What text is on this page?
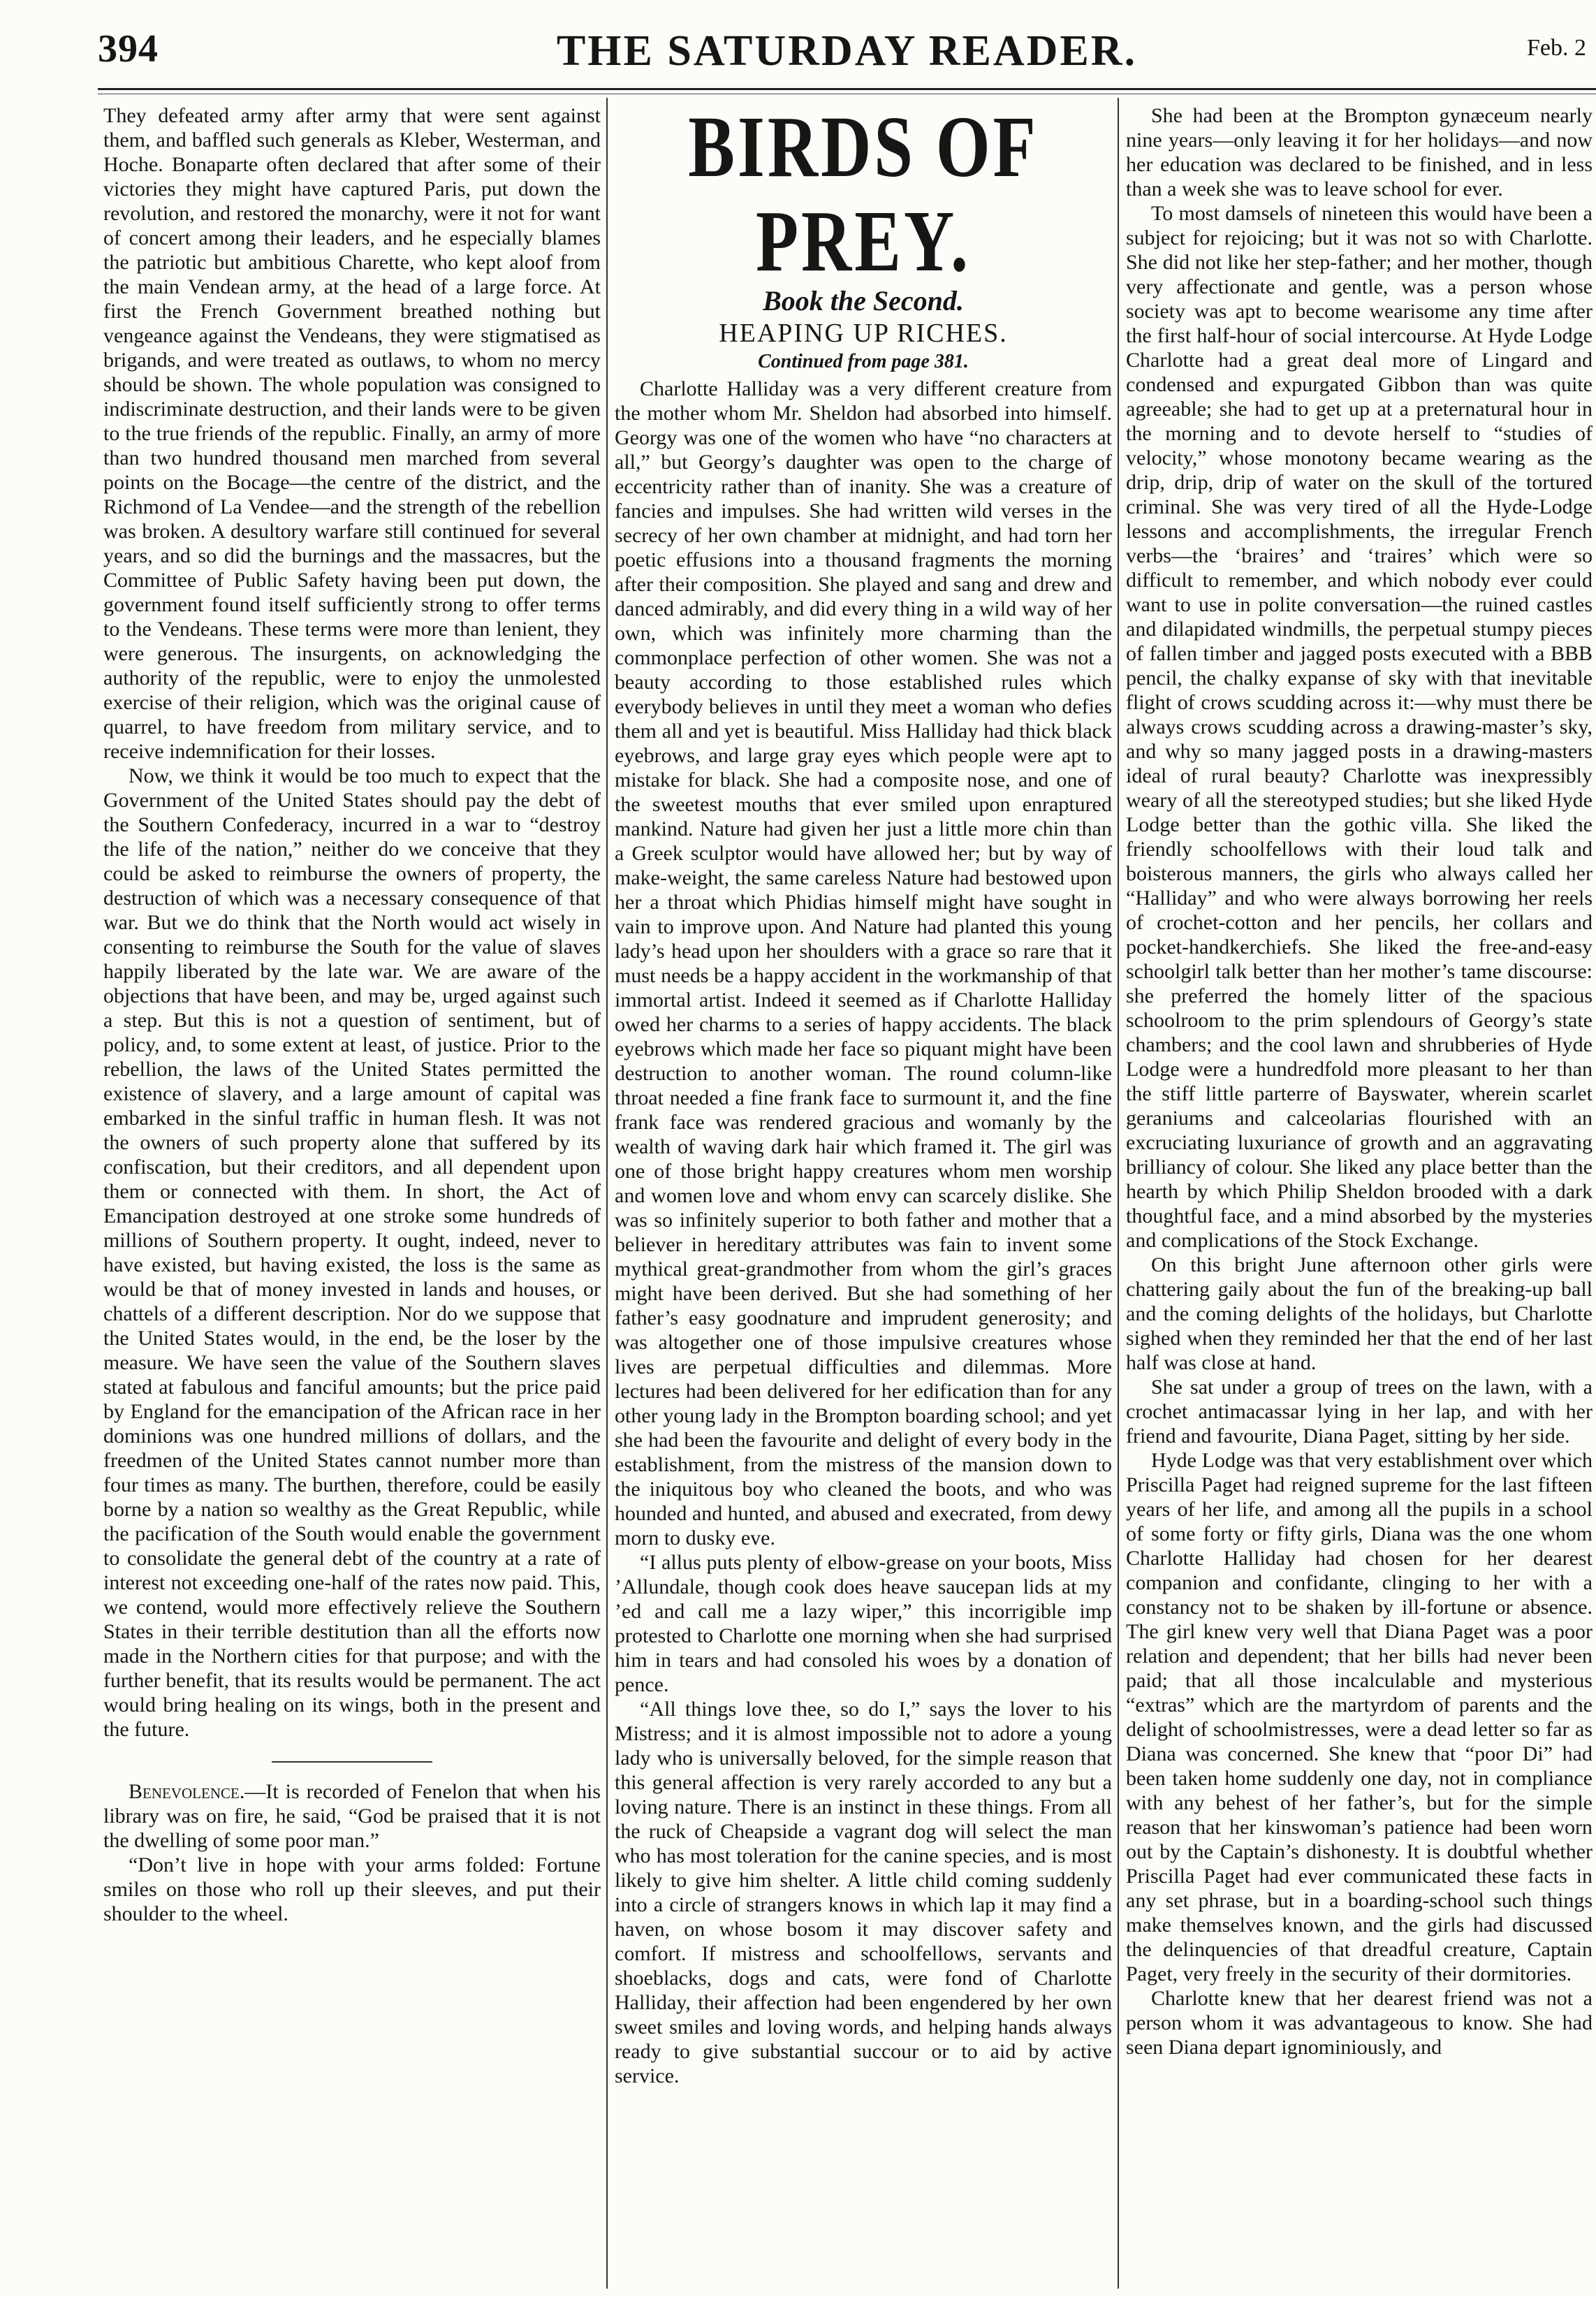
394	THE SATURDAY READER.	Feb. 2

They defeated army after army that were sent against them, and baffled such generals as Kleber, Westerman, and Hoche. Bonaparte often declared that after some of their victories they might have captured Paris, put down the revolution, and restored the monarchy, were it not for want of concert among their leaders, and he especially blames the patriotic but ambitious Charette, who kept aloof from the main Vendean army, at the head of a large force. At first the French Government breathed nothing but vengeance against the Vendeans, they were stigmatised as brigands, and were treated as outlaws, to whom no mercy should be shown. The whole population was consigned to indiscriminate destruction, and their lands were to be given to the true friends of the republic. Finally, an army of more than two hundred thousand men marched from several points on the Bocage—the centre of the district, and the Richmond of La Vendee—and the strength of the rebellion was broken. A desultory warfare still continued for several years, and so did the burnings and the massacres, but the Committee of Public Safety having been put down, the government found itself sufficiently strong to offer terms to the Vendeans. These terms were more than lenient, they were generous. The insurgents, on acknowledging the authority of the republic, were to enjoy the unmolested exercise of their religion, which was the original cause of quarrel, to have freedom from military service, and to receive indemnification for their losses.

Now, we think it would be too much to expect that the Government of the United States should pay the debt of the Southern Confederacy, incurred in a war to “destroy the life of the nation,” neither do we conceive that they could be asked to reimburse the owners of property, the destruction of which was a necessary consequence of that war. But we do think that the North would act wisely in consenting to reimburse the South for the value of slaves happily liberated by the late war. We are aware of the objections that have been, and may be, urged against such a step. But this is not a question of sentiment, but of policy, and, to some extent at least, of justice. Prior to the rebellion, the laws of the United States permitted the existence of slavery, and a large amount of capital was embarked in the sinful traffic in human flesh. It was not the owners of such property alone that suffered by its confiscation, but their creditors, and all dependent upon them or connected with them. In short, the Act of Emancipation destroyed at one stroke some hundreds of millions of Southern property. It ought, indeed, never to have existed, but having existed, the loss is the same as would be that of money invested in lands and houses, or chattels of a different description. Nor do we suppose that the United States would, in the end, be the loser by the measure. We have seen the value of the Southern slaves stated at fabulous and fanciful amounts; but the price paid by England for the emancipation of the African race in her dominions was one hundred millions of dollars, and the freedmen of the United States cannot number more than four times as many. The burthen, therefore, could be easily borne by a nation so wealthy as the Great Republic, while the pacification of the South would enable the government to consolidate the general debt of the country at a rate of interest not exceeding one-half of the rates now paid. This, we contend, would more effectively relieve the Southern States in their terrible destitution than all the efforts now made in the Northern cities for that purpose; and with the further benefit, that its results would be permanent. The act would bring healing on its wings, both in the present and the future.

Benevolence.—It is recorded of Fenelon that when his library was on fire, he said, “God be praised that it is not the dwelling of some poor man.”

“Don’t live in hope with your arms folded: Fortune smiles on those who roll up their sleeves, and put their shoulder to the wheel.

BIRDS OF PREY.
Book the Second.
HEAPING UP RICHES.
Continued from page 381.

Charlotte Halliday was a very different creature from the mother whom Mr. Sheldon had absorbed into himself. Georgy was one of the women who have “no characters at all,” but Georgy’s daughter was open to the charge of eccentricity rather than of inanity. She was a creature of fancies and impulses. She had written wild verses in the secrecy of her own chamber at midnight, and had torn her poetic effusions into a thousand fragments the morning after their composition. She played and sang and drew and danced admirably, and did every thing in a wild way of her own, which was infinitely more charming than the commonplace perfection of other women. She was not a beauty according to those established rules which everybody believes in until they meet a woman who defies them all and yet is beautiful. Miss Halliday had thick black eyebrows, and large gray eyes which people were apt to mistake for black. She had a composite nose, and one of the sweetest mouths that ever smiled upon enraptured mankind. Nature had given her just a little more chin than a Greek sculptor would have allowed her; but by way of make-weight, the same careless Nature had bestowed upon her a throat which Phidias himself might have sought in vain to improve upon. And Nature had planted this young lady’s head upon her shoulders with a grace so rare that it must needs be a happy accident in the workmanship of that immortal artist. Indeed it seemed as if Charlotte Halliday owed her charms to a series of happy accidents. The black eyebrows which made her face so piquant might have been destruction to another woman. The round column-like throat needed a fine frank face to surmount it, and the fine frank face was rendered gracious and womanly by the wealth of waving dark hair which framed it. The girl was one of those bright happy creatures whom men worship and women love and whom envy can scarcely dislike. She was so infinitely superior to both father and mother that a believer in hereditary attributes was fain to invent some mythical great-grandmother from whom the girl’s graces might have been derived. But she had something of her father’s easy goodnature and imprudent generosity; and was altogether one of those impulsive creatures whose lives are perpetual difficulties and dilemmas. More lectures had been delivered for her edification than for any other young lady in the Brompton boarding school; and yet she had been the favourite and delight of every body in the establishment, from the mistress of the mansion down to the iniquitous boy who cleaned the boots, and who was hounded and hunted, and abused and execrated, from dewy morn to dusky eve.

“I allus puts plenty of elbow-grease on your boots, Miss ’Allundale, though cook does heave saucepan lids at my ’ed and call me a lazy wiper,” this incorrigible imp protested to Charlotte one morning when she had surprised him in tears and had consoled his woes by a donation of pence.

“All things love thee, so do I,” says the lover to his Mistress; and it is almost impossible not to adore a young lady who is universally beloved, for the simple reason that this general affection is very rarely accorded to any but a loving nature. There is an instinct in these things. From all the ruck of Cheapside a vagrant dog will select the man who has most toleration for the canine species, and is most likely to give him shelter. A little child coming suddenly into a circle of strangers knows in which lap it may find a haven, on whose bosom it may discover safety and comfort. If mistress and schoolfellows, servants and shoeblacks, dogs and cats, were fond of Charlotte Halliday, their affection had been engendered by her own sweet smiles and loving words, and helping hands always ready to give substantial succour or to aid by active service.

She had been at the Brompton gynæceum nearly nine years—only leaving it for her holidays—and now her education was declared to be finished, and in less than a week she was to leave school for ever.

To most damsels of nineteen this would have been a subject for rejoicing; but it was not so with Charlotte. She did not like her step-father; and her mother, though very affectionate and gentle, was a person whose society was apt to become wearisome any time after the first half-hour of social intercourse. At Hyde Lodge Charlotte had a great deal more of Lingard and condensed and expurgated Gibbon than was quite agreeable; she had to get up at a preternatural hour in the morning and to devote herself to “studies of velocity,” whose monotony became wearing as the drip, drip, drip of water on the skull of the tortured criminal. She was very tired of all the Hyde-Lodge lessons and accomplishments, the irregular French verbs—the ‘braires’ and ‘traires’ which were so difficult to remember, and which nobody ever could want to use in polite conversation—the ruined castles and dilapidated windmills, the perpetual stumpy pieces of fallen timber and jagged posts executed with a BBB pencil, the chalky expanse of sky with that inevitable flight of crows scudding across it:—why must there be always crows scudding across a drawing-master’s sky, and why so many jagged posts in a drawing-masters ideal of rural beauty? Charlotte was inexpressibly weary of all the stereotyped studies; but she liked Hyde Lodge better than the gothic villa. She liked the friendly schoolfellows with their loud talk and boisterous manners, the girls who always called her “Halliday” and who were always borrowing her reels of crochet-cotton and her pencils, her collars and pocket-handkerchiefs. She liked the free-and-easy schoolgirl talk better than her mother’s tame discourse: she preferred the homely litter of the spacious schoolroom to the prim splendours of Georgy’s state chambers; and the cool lawn and shrubberies of Hyde Lodge were a hundredfold more pleasant to her than the stiff little parterre of Bayswater, wherein scarlet geraniums and calceolarias flourished with an excruciating luxuriance of growth and an aggravating brilliancy of colour. She liked any place better than the hearth by which Philip Sheldon brooded with a dark thoughtful face, and a mind absorbed by the mysteries and complications of the Stock Exchange.

On this bright June afternoon other girls were chattering gaily about the fun of the breaking-up ball and the coming delights of the holidays, but Charlotte sighed when they reminded her that the end of her last half was close at hand.

She sat under a group of trees on the lawn, with a crochet antimacassar lying in her lap, and with her friend and favourite, Diana Paget, sitting by her side.

Hyde Lodge was that very establishment over which Priscilla Paget had reigned supreme for the last fifteen years of her life, and among all the pupils in a school of some forty or fifty girls, Diana was the one whom Charlotte Halliday had chosen for her dearest companion and confidante, clinging to her with a constancy not to be shaken by ill-fortune or absence. The girl knew very well that Diana Paget was a poor relation and dependent; that her bills had never been paid; that all those incalculable and mysterious “extras” which are the martyrdom of parents and the delight of schoolmistresses, were a dead letter so far as Diana was concerned. She knew that “poor Di” had been taken home suddenly one day, not in compliance with any behest of her father’s, but for the simple reason that her kinswoman’s patience had been worn out by the Captain’s dishonesty. It is doubtful whether Priscilla Paget had ever communicated these facts in any set phrase, but in a boarding-school such things make themselves known, and the girls had discussed the delinquencies of that dreadful creature, Captain Paget, very freely in the security of their dormitories.

Charlotte knew that her dearest friend was not a person whom it was advantageous to know. She had seen Diana depart ignominiously, and
